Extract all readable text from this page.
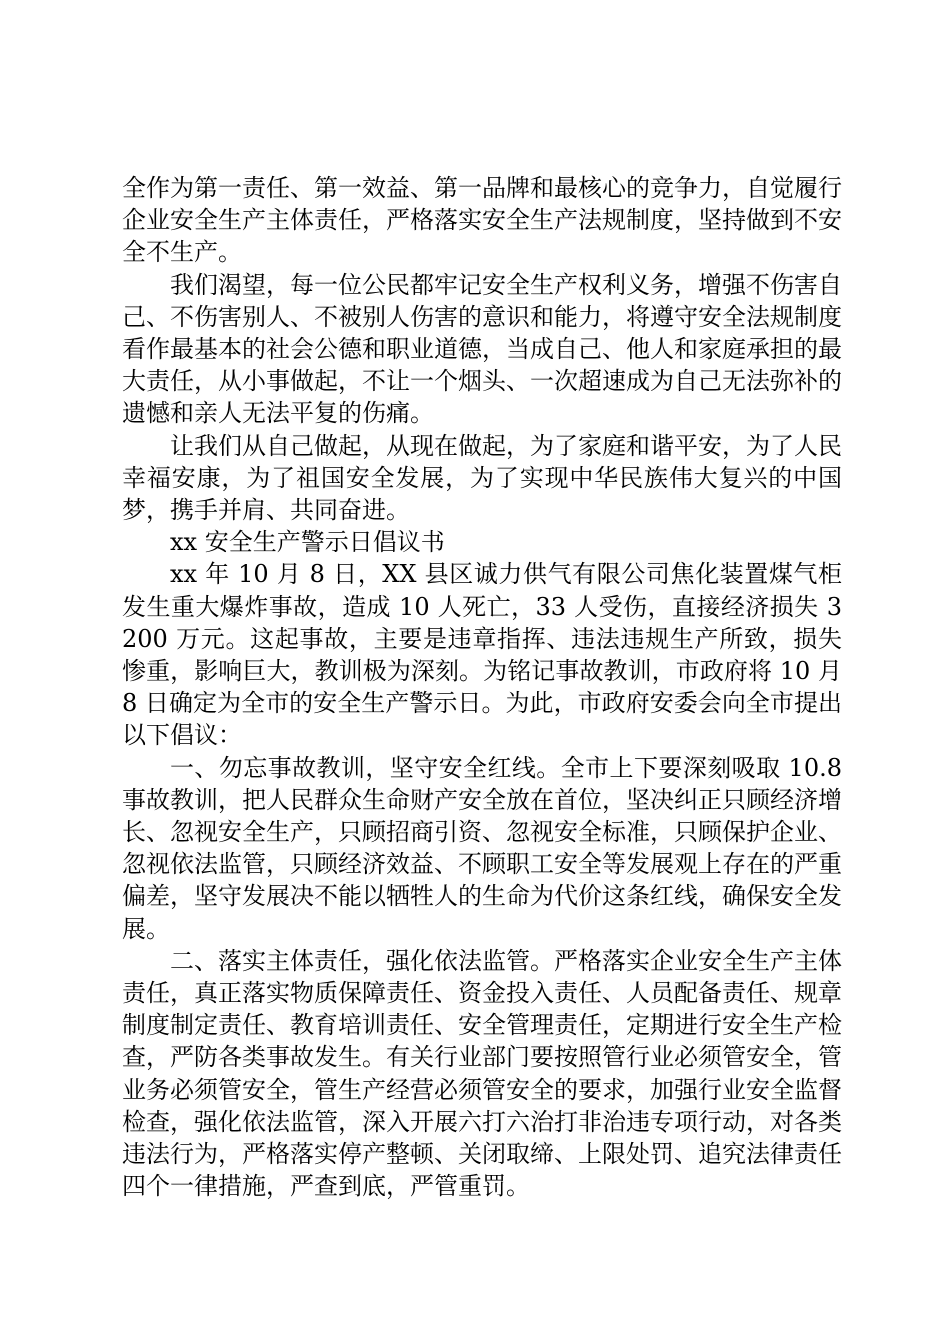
全作为第一责任、第一效益、第一品牌和最核心的竞争力，自觉履行企业安全生产主体责任，严格落实安全生产法规制度，坚持做到不安全不生产。

我们渴望，每一位公民都牢记安全生产权利义务，增强不伤害自己、不伤害别人、不被别人伤害的意识和能力，将遵守安全法规制度看作最基本的社会公德和职业道德，当成自己、他人和家庭承担的最大责任，从小事做起，不让一个烟头、一次超速成为自己无法弥补的遗憾和亲人无法平复的伤痛。

让我们从自己做起，从现在做起，为了家庭和谐平安，为了人民幸福安康，为了祖国安全发展，为了实现中华民族伟大复兴的中国梦，携手并肩、共同奋进。

xx 安全生产警示日倡议书

xx 年 10 月 8 日，XX 县区诚力供气有限公司焦化装置煤气柜发生重大爆炸事故，造成 10 人死亡，33 人受伤，直接经济损失 3200 万元。这起事故，主要是违章指挥、违法违规生产所致，损失惨重，影响巨大，教训极为深刻。为铭记事故教训，市政府将 10 月 8 日确定为全市的安全生产警示日。为此，市政府安委会向全市提出以下倡议：

一、勿忘事故教训，坚守安全红线。全市上下要深刻吸取 10.8 事故教训，把人民群众生命财产安全放在首位，坚决纠正只顾经济增长、忽视安全生产，只顾招商引资、忽视安全标准，只顾保护企业、忽视依法监管，只顾经济效益、不顾职工安全等发展观上存在的严重偏差，坚守发展决不能以牺牲人的生命为代价这条红线，确保安全发展。

二、落实主体责任，强化依法监管。严格落实企业安全生产主体责任，真正落实物质保障责任、资金投入责任、人员配备责任、规章制度制定责任、教育培训责任、安全管理责任，定期进行安全生产检查，严防各类事故发生。有关行业部门要按照管行业必须管安全，管业务必须管安全，管生产经营必须管安全的要求，加强行业安全监督检查，强化依法监管，深入开展六打六治打非治违专项行动，对各类违法行为，严格落实停产整顿、关闭取缔、上限处罚、追究法律责任四个一律措施，严查到底，严管重罚。
